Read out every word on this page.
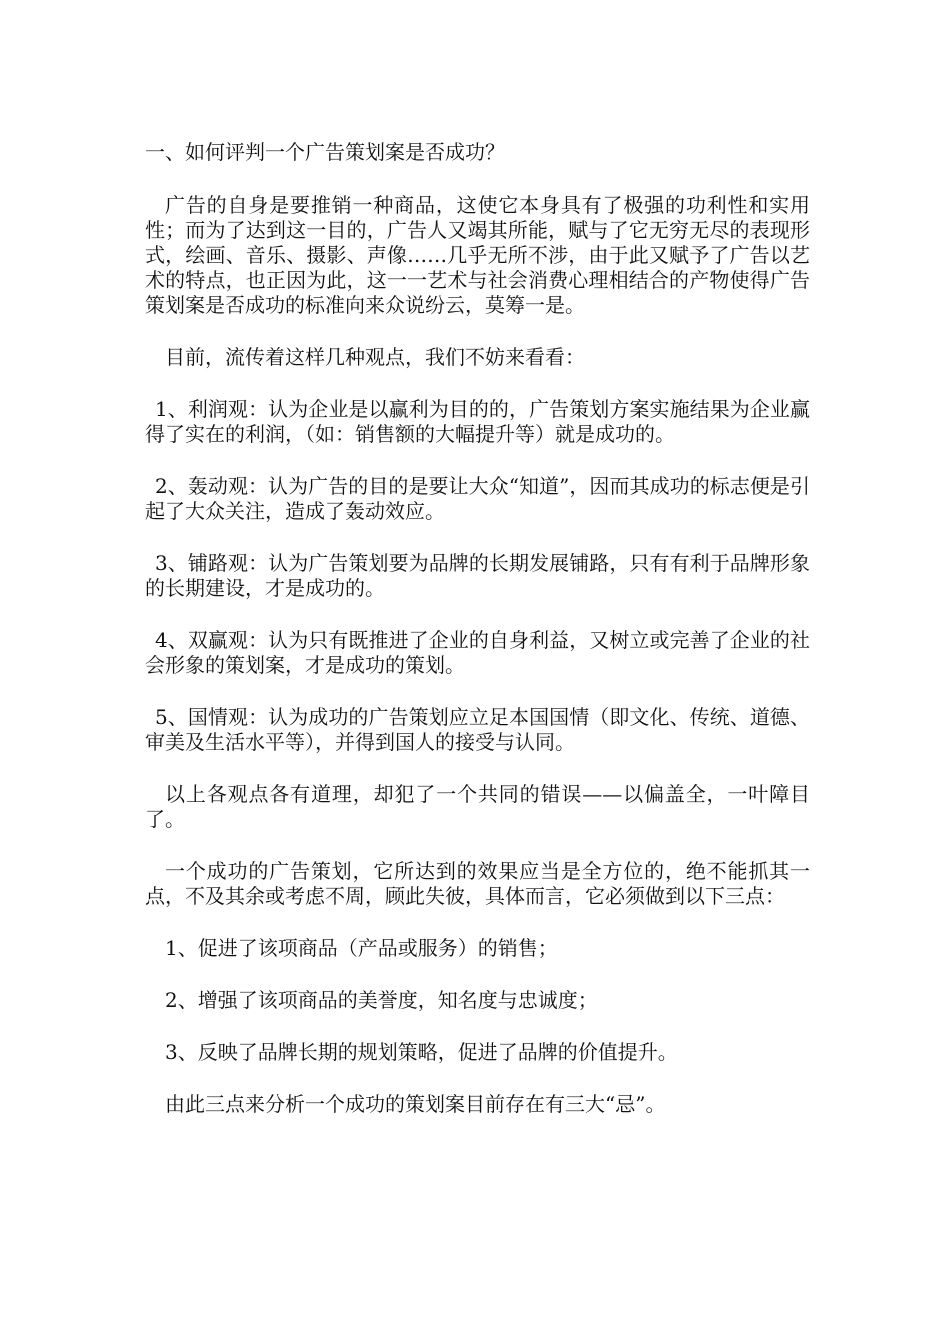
一、如何评判一个广告策划案是否成功？

广告的自身是要推销一种商品，这使它本身具有了极强的功利性和实用性；而为了达到这一目的，广告人又竭其所能，赋与了它无穷无尽的表现形式，绘画、音乐、摄影、声像……几乎无所不涉，由于此又赋予了广告以艺术的特点，也正因为此，这一一艺术与社会消费心理相结合的产物使得广告策划案是否成功的标准向来众说纷云，莫筹一是。

目前，流传着这样几种观点，我们不妨来看看：

1、利润观：认为企业是以赢利为目的的，广告策划方案实施结果为企业赢得了实在的利润，（如：销售额的大幅提升等）就是成功的。

2、轰动观：认为广告的目的是要让大众“知道”，因而其成功的标志便是引起了大众关注，造成了轰动效应。

3、铺路观：认为广告策划要为品牌的长期发展铺路，只有有利于品牌形象的长期建设，才是成功的。

4、双赢观：认为只有既推进了企业的自身利益，又树立或完善了企业的社会形象的策划案，才是成功的策划。

5、国情观：认为成功的广告策划应立足本国国情（即文化、传统、道德、审美及生活水平等），并得到国人的接受与认同。

以上各观点各有道理，却犯了一个共同的错误——以偏盖全，一叶障目了。

一个成功的广告策划，它所达到的效果应当是全方位的，绝不能抓其一点，不及其余或考虑不周，顾此失彼，具体而言，它必须做到以下三点：

1、促进了该项商品（产品或服务）的销售；

2、增强了该项商品的美誉度，知名度与忠诚度；

3、反映了品牌长期的规划策略，促进了品牌的价值提升。

由此三点来分析一个成功的策划案目前存在有三大“忌”。
